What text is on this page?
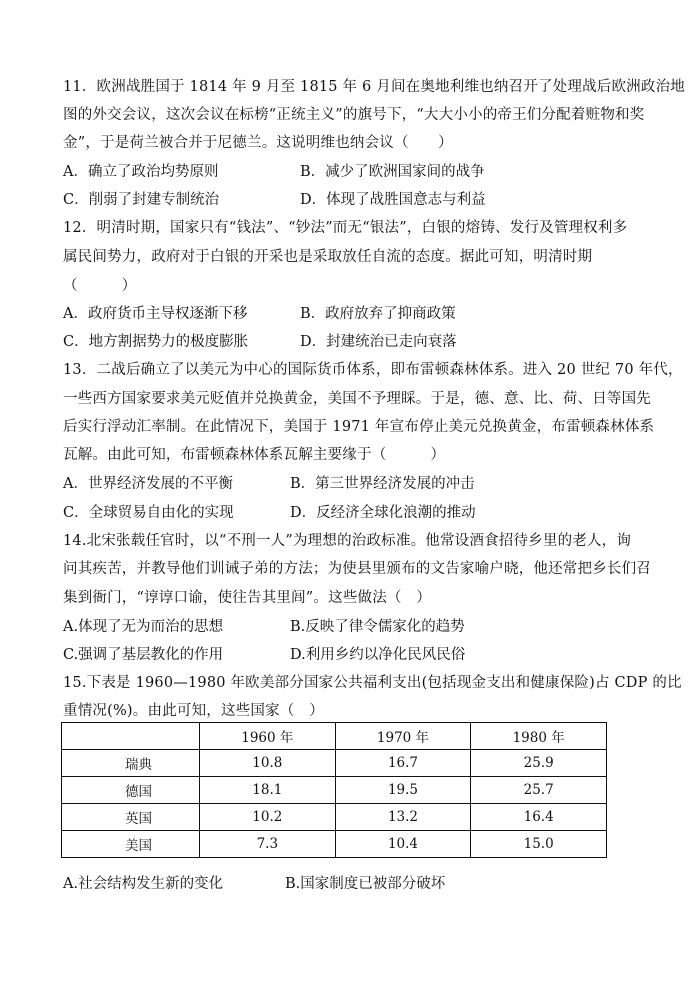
11．欧洲战胜国于 1814 年 9 月至 1815 年 6 月间在奥地利维也纳召开了处理战后欧洲政治地
图的外交会议，这次会议在标榜“正统主义”的旗号下，“大大小小的帝王们分配着赃物和奖
金”，于是荷兰被合并于尼德兰。这说明维也纳会议（　　）
A．确立了政治均势原则	B．减少了欧洲国家间的战争
C．削弱了封建专制统治	D．体现了战胜国意志与利益
12．明清时期，国家只有“钱法”、“钞法”而无“银法”，白银的熔铸、发行及管理权利多
属民间势力，政府对于白银的开采也是采取放任自流的态度。据此可知，明清时期
（　　　）
A．政府货币主导权逐渐下移	B．政府放弃了抑商政策
C．地方割据势力的极度膨胀	D．封建统治已走向衰落
13．二战后确立了以美元为中心的国际货币体系，即布雷顿森林体系。进入 20 世纪 70 年代，
一些西方国家要求美元贬值并兑换黄金，美国不予理睬。于是，德、意、比、荷、日等国先
后实行浮动汇率制。在此情况下，美国于 1971 年宣布停止美元兑换黄金，布雷顿森林体系
瓦解。由此可知，布雷顿森林体系瓦解主要缘于（　　　）
A．世界经济发展的不平衡	B．第三世界经济发展的冲击
C．全球贸易自由化的实现	D．反经济全球化浪潮的推动
14.北宋张载任官时，以“不刑一人”为理想的治政标准。他常设酒食招待乡里的老人，询
问其疾苦，并教导他们训诫子弟的方法；为使县里颁布的文告家喻户晓，他还常把乡长们召
集到衙门，“谆谆口谕，使往告其里闾”。这些做法（　）
A.体现了无为而治的思想	B.反映了律令儒家化的趋势
C.强调了基层教化的作用	D.利用乡约以净化民风民俗
15.下表是 1960—1980 年欧美部分国家公共福利支出(包括现金支出和健康保险)占 CDP 的比
重情况(%)。由此可知，这些国家（　）
	1960 年	1970 年	1980 年
瑞典	10.8	16.7	25.9
德国	18.1	19.5	25.7
英国	10.2	13.2	16.4
美国	7.3	10.4	15.0
A.社会结构发生新的变化	B.国家制度已被部分破坏
